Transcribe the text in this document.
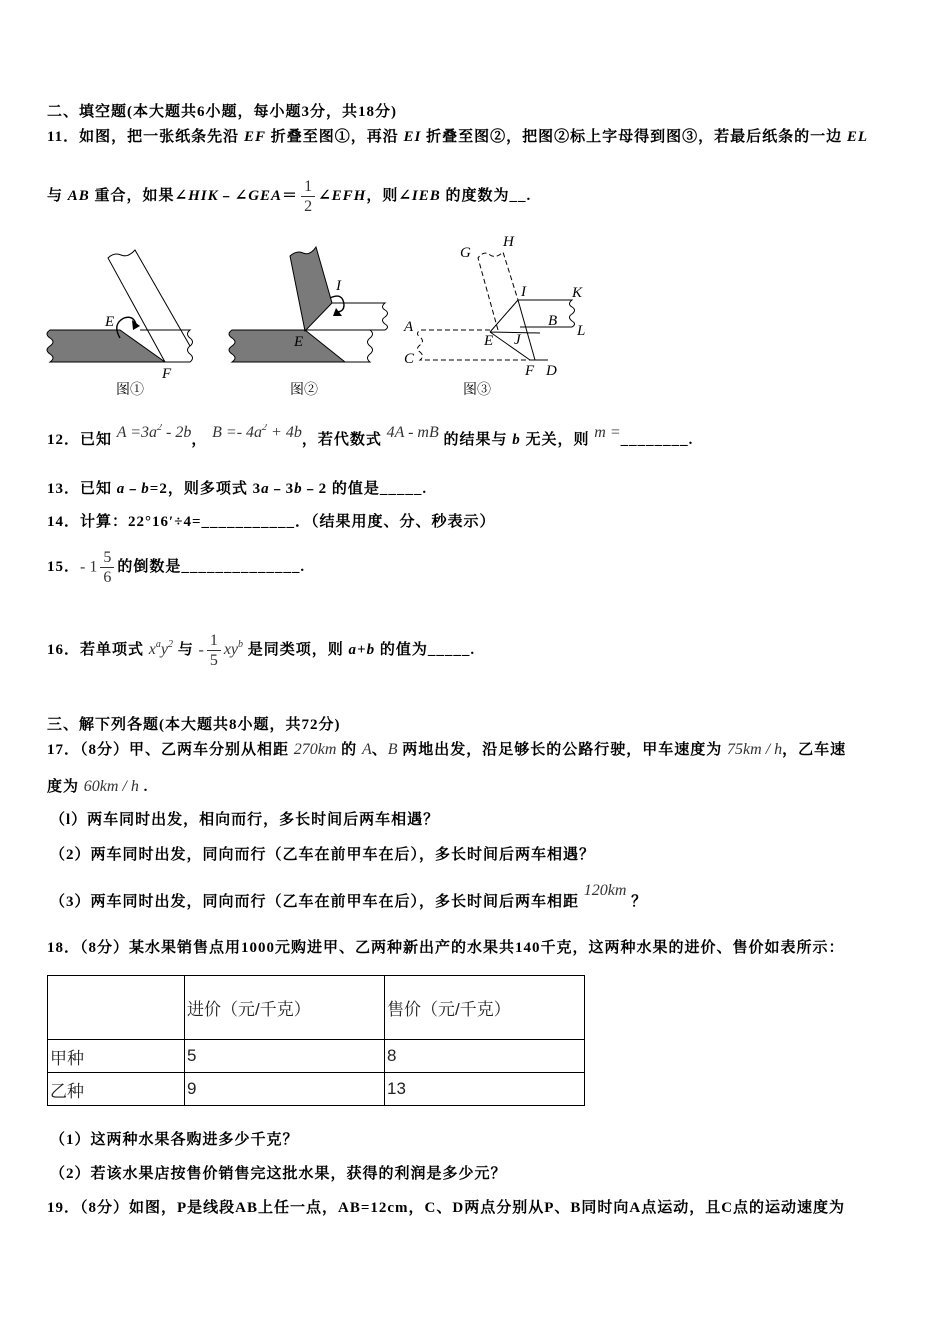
二、填空题(本大题共6小题，每小题3分，共18分)
11．如图，把一张纸条先沿 EF 折叠至图①，再沿 EI 折叠至图②，把图②标上字母得到图③，若最后纸条的一边 EL
与 AB 重合，如果∠HIK﹣∠GEA＝ $\frac{1}{2}$ ∠EFH，则∠IEB 的度数为__.
E
F
图①
I
E
图②
G
H
I	K
A	B
L
C
E J
F D
图③
12．已知 $A =3a^2 - 2b$， $B =- 4a^2 + 4b$，若代数式 4A - mB 的结果与 b 无关，则 m =________.
13．已知 a﹣b=2，则多项式 3a﹣3b﹣2 的值是_____.
14．计算：22°16′÷4=___________．（结果用度、分、秒表示）
15．- $1 \frac{5}{6}$ 的倒数是______________.
16．若单项式 $x^ay^2$ 与 - $\frac{1}{5} xy^b$ 是同类项，则 a+b 的值为_____.
三、解下列各题(本大题共8小题，共72分)
17．（8分）甲、乙两车分别从相距 270km 的 A、B 两地出发，沿足够长的公路行驶，甲车速度为 75km / h，乙车速
度为 60km / h .
（l）两车同时出发，相向而行，多长时间后两车相遇？
（2）两车同时出发，同向而行（乙车在前甲车在后），多长时间后两车相遇？
（3）两车同时出发，同向而行（乙车在前甲车在后），多长时间后两车相距 120km ？
18．（8分）某水果销售点用1000元购进甲、乙两种新出产的水果共140千克，这两种水果的进价、售价如表所示：
	进价（元/千克）	售价（元/千克）
甲种	5	8
乙种	9	13
（1）这两种水果各购进多少千克？
（2）若该水果店按售价销售完这批水果，获得的利润是多少元？
19．（8分）如图，P是线段AB上任一点，AB=12cm，C、D两点分别从P、B同时向A点运动，且C点的运动速度为
